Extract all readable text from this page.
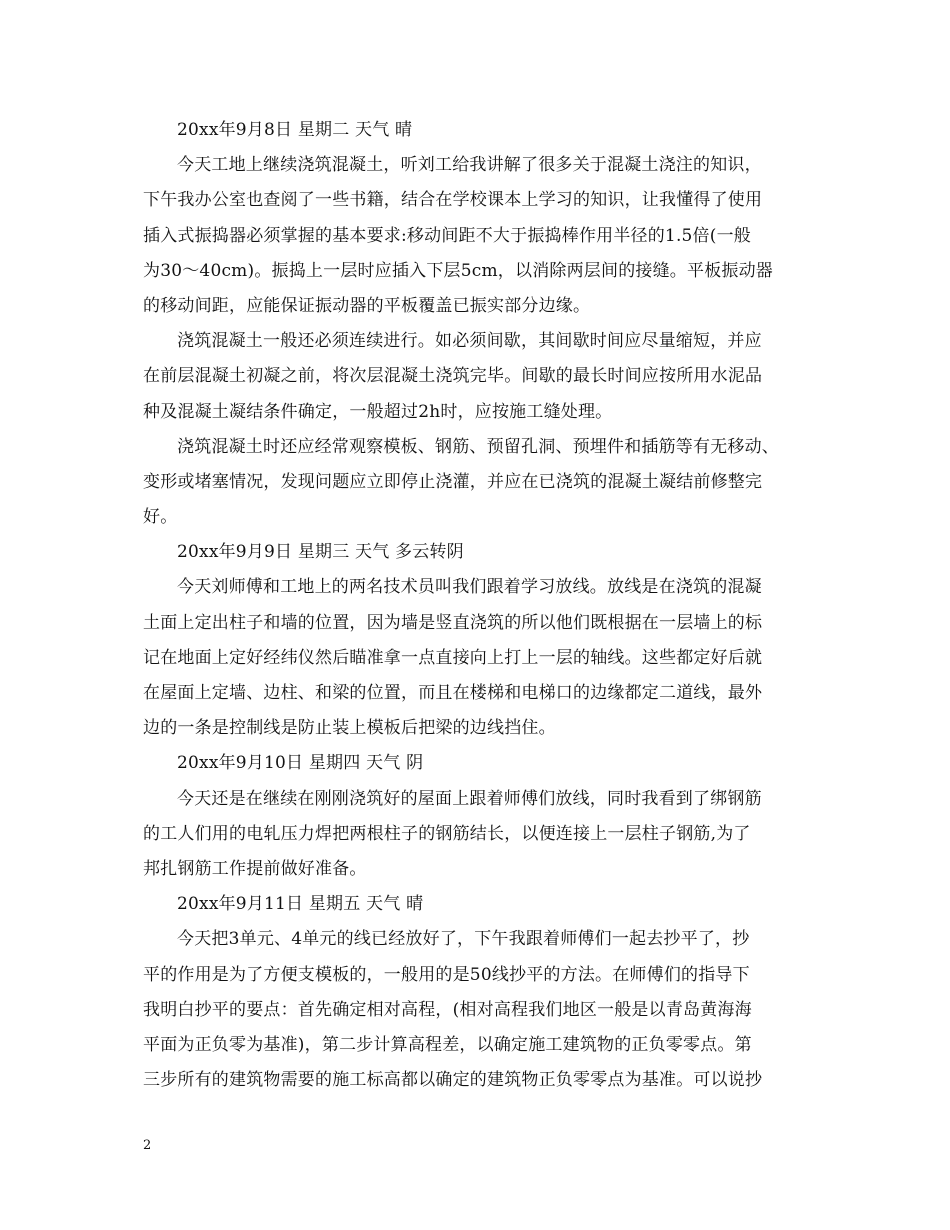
20xx年9月8日 星期二 天气 晴
今天工地上继续浇筑混凝土，听刘工给我讲解了很多关于混凝土浇注的知识，
下午我办公室也查阅了一些书籍，结合在学校课本上学习的知识，让我懂得了使用
插入式振捣器必须掌握的基本要求:移动间距不大于振捣棒作用半径的1.5倍(一般
为30～40cm)。振捣上一层时应插入下层5cm，以消除两层间的接缝。平板振动器
的移动间距，应能保证振动器的平板覆盖已振实部分边缘。
浇筑混凝土一般还必须连续进行。如必须间歇，其间歇时间应尽量缩短，并应
在前层混凝土初凝之前，将次层混凝土浇筑完毕。间歇的最长时间应按所用水泥品
种及混凝土凝结条件确定，一般超过2h时，应按施工缝处理。
浇筑混凝土时还应经常观察模板、钢筋、预留孔洞、预埋件和插筋等有无移动、
变形或堵塞情况，发现问题应立即停止浇灌，并应在已浇筑的混凝土凝结前修整完
好。
20xx年9月9日 星期三 天气 多云转阴
今天刘师傅和工地上的两名技术员叫我们跟着学习放线。放线是在浇筑的混凝
土面上定出柱子和墙的位置，因为墙是竖直浇筑的所以他们既根据在一层墙上的标
记在地面上定好经纬仪然后瞄准拿一点直接向上打上一层的轴线。这些都定好后就
在屋面上定墙、边柱、和梁的位置，而且在楼梯和电梯口的边缘都定二道线，最外
边的一条是控制线是防止装上模板后把梁的边线挡住。
20xx年9月10日 星期四 天气 阴
今天还是在继续在刚刚浇筑好的屋面上跟着师傅们放线，同时我看到了绑钢筋
的工人们用的电轧压力焊把两根柱子的钢筋结长，以便连接上一层柱子钢筋,为了
邦扎钢筋工作提前做好准备。
20xx年9月11日 星期五 天气 晴
今天把3单元、4单元的线已经放好了，下午我跟着师傅们一起去抄平了，抄
平的作用是为了方便支模板的，一般用的是50线抄平的方法。在师傅们的指导下
我明白抄平的要点：首先确定相对高程，(相对高程我们地区一般是以青岛黄海海
平面为正负零为基准)，第二步计算高程差，以确定施工建筑物的正负零零点。第
三步所有的建筑物需要的施工标高都以确定的建筑物正负零零点为基准。可以说抄
2
